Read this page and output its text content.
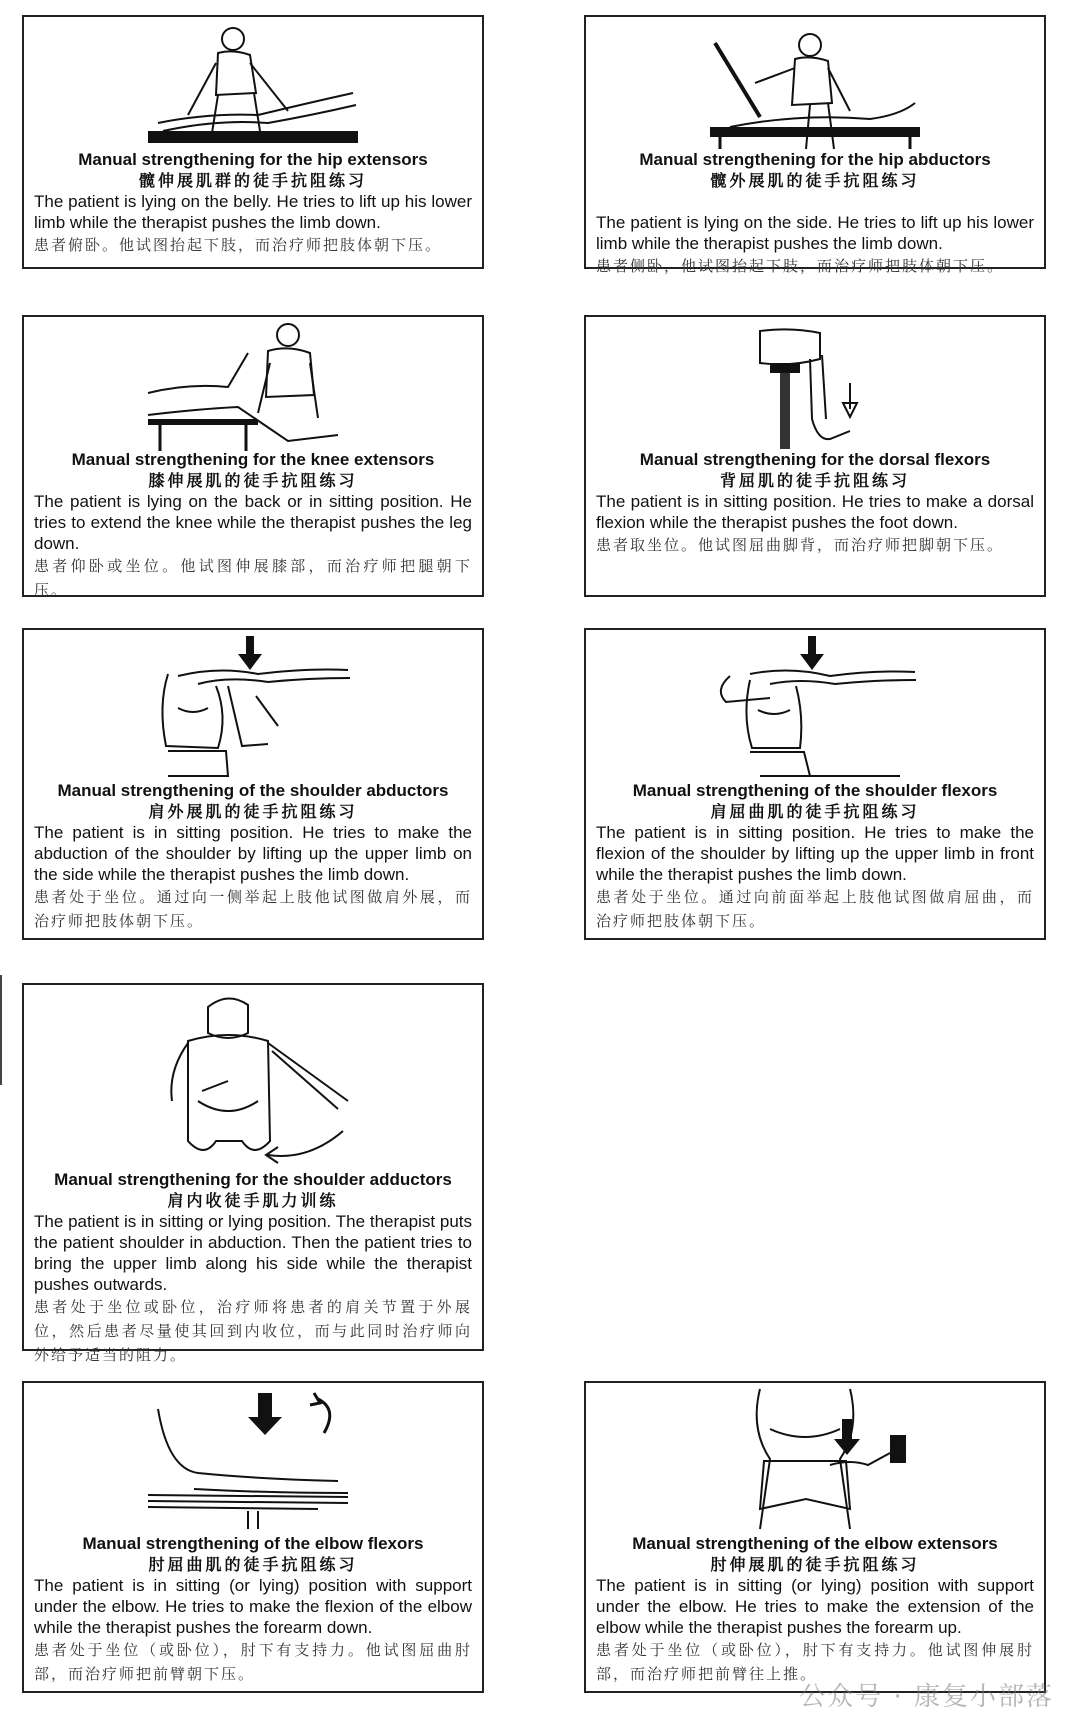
Manual strengthening for the hip extensors
髋伸展肌群的徒手抗阻练习
The patient is lying on the belly. He tries to lift up his lower limb while the therapist pushes the limb down.
患者俯卧。他试图抬起下肢，而治疗师把肢体朝下压。
Manual strengthening for the hip abductors
髋外展肌的徒手抗阻练习
The patient is lying on the side. He tries to lift up his lower limb while the therapist pushes the limb down.
患者侧卧，他试图抬起下肢，而治疗师把肢体朝下压。
Manual strengthening for the knee extensors
膝伸展肌的徒手抗阻练习
The patient is lying on the back or in sitting position. He tries to extend the knee while the therapist pushes the leg down.
患者仰卧或坐位。他试图伸展膝部，而治疗师把腿朝下压。
Manual strengthening for the dorsal flexors
背屈肌的徒手抗阻练习
The patient is in sitting position. He tries to make a dorsal flexion while the therapist pushes the foot down.
患者取坐位。他试图屈曲脚背，而治疗师把脚朝下压。
Manual strengthening of the shoulder abductors
肩外展肌的徒手抗阻练习
The patient is in sitting position. He tries to make the abduction of the shoulder by lifting up the upper limb on the side while the therapist pushes the limb down.
患者处于坐位。通过向一侧举起上肢他试图做肩外展，而治疗师把肢体朝下压。
Manual strengthening of the shoulder flexors
肩屈曲肌的徒手抗阻练习
The patient is in sitting position. He tries to make the flexion of the shoulder by lifting up the upper limb in front while the therapist pushes the limb down.
患者处于坐位。通过向前面举起上肢他试图做肩屈曲，而治疗师把肢体朝下压。
Manual strengthening for the shoulder adductors
肩内收徒手肌力训练
The patient is in sitting or lying position. The therapist puts the patient shoulder in abduction. Then the patient tries to bring the upper limb along his side while the therapist pushes outwards.
患者处于坐位或卧位，治疗师将患者的肩关节置于外展位，然后患者尽量使其回到内收位，而与此同时治疗师向外给予适当的阻力。
Manual strengthening of the elbow flexors
肘屈曲肌的徒手抗阻练习
The patient is in sitting (or lying) position with support under the elbow. He tries to make the flexion of the elbow while the therapist pushes the forearm down.
患者处于坐位（或卧位），肘下有支持力。他试图屈曲肘部，而治疗师把前臂朝下压。
Manual strengthening of the elbow extensors
肘伸展肌的徒手抗阻练习
The patient is in sitting (or lying) position with support under the elbow. He tries to make the extension of the elbow while the therapist pushes the forearm up.
患者处于坐位（或卧位），肘下有支持力。他试图伸展肘部，而治疗师把前臂往上推。
公众号 · 康复小部落
